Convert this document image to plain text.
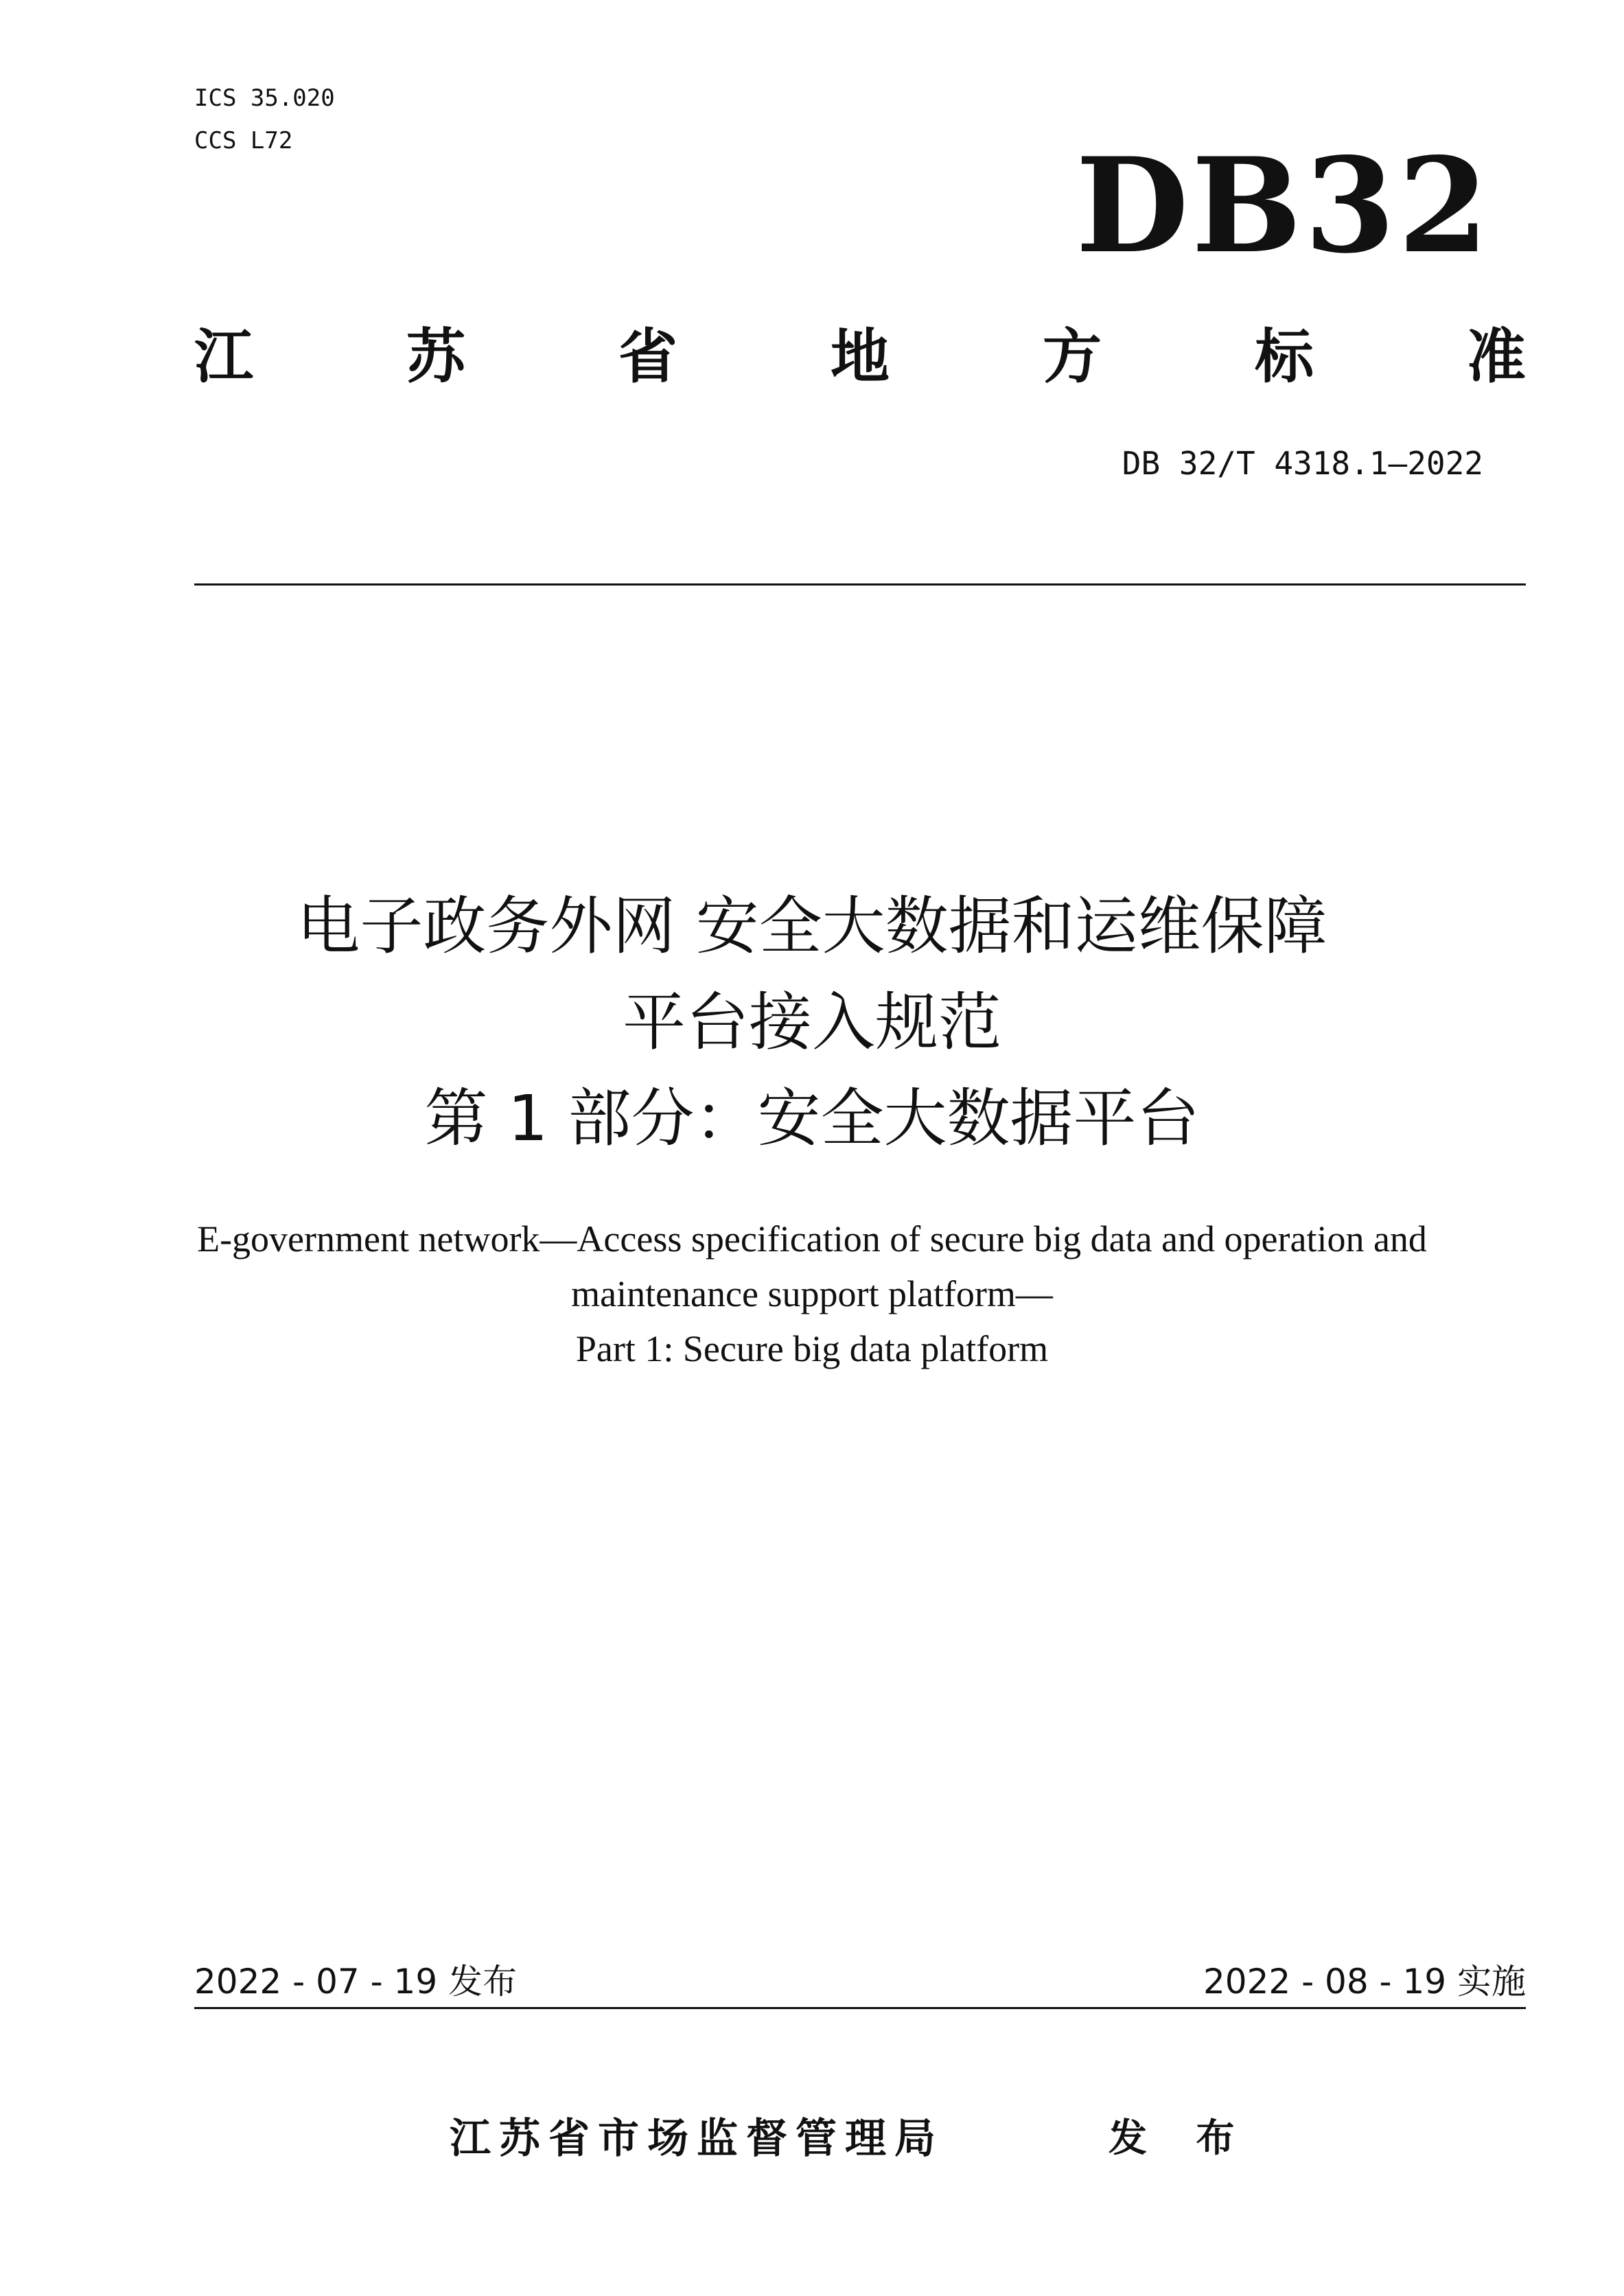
ICS 35.020
CCS L72	DB32
江	苏	省	地	方	标	准
DB 32/T 4318.1—2022
电子政务外网 安全大数据和运维保障
平台接入规范
第 1 部分：安全大数据平台
E-government network—Access specification of secure big data and operation and
maintenance support platform—
Part 1: Secure big data platform
2022 - 07 - 19 发布	2022 - 08 - 19 实施
江苏省市场监督管理局	发 布
